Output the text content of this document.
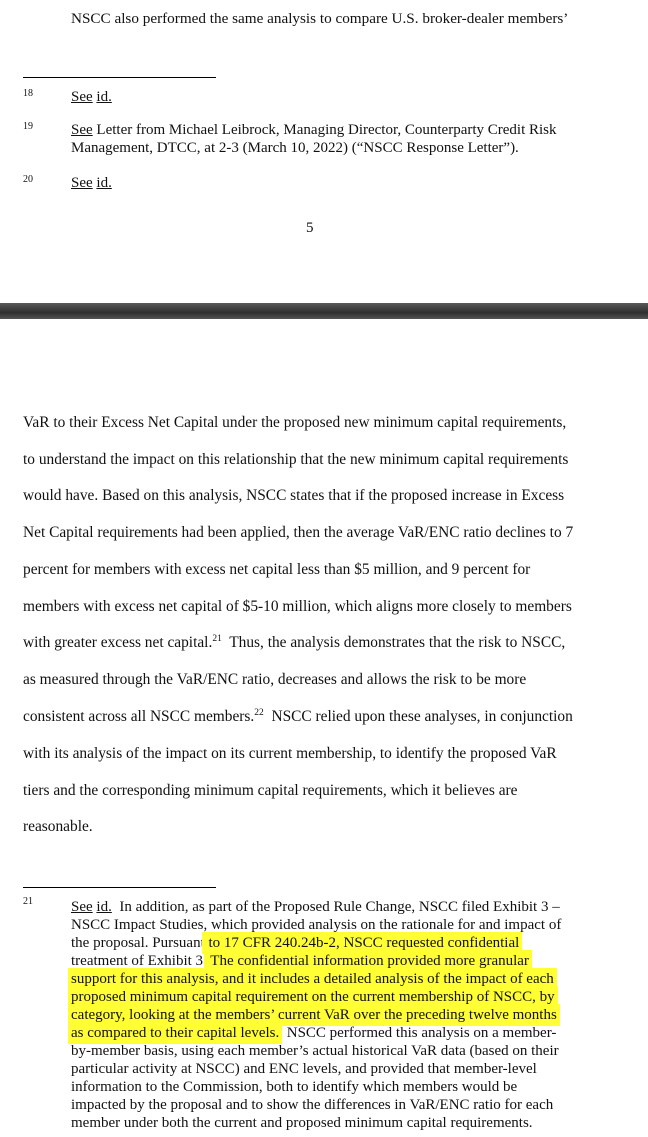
NSCC also performed the same analysis to compare U.S. broker-dealer members’
18	See id.
19	See Letter from Michael Leibrock, Managing Director, Counterparty Credit Risk
Management, DTCC, at 2-3 (March 10, 2022) (“NSCC Response Letter”).
20	See id.
5
VaR to their Excess Net Capital under the proposed new minimum capital requirements,
to understand the impact on this relationship that the new minimum capital requirements
would have. Based on this analysis, NSCC states that if the proposed increase in Excess
Net Capital requirements had been applied, then the average VaR/ENC ratio declines to 7
percent for members with excess net capital less than $5 million, and 9 percent for
members with excess net capital of $5-10 million, which aligns more closely to members
with greater excess net capital.$^{21}$  Thus, the analysis demonstrates that the risk to NSCC,
as measured through the VaR/ENC ratio, decreases and allows the risk to be more
consistent across all NSCC members.$^{22}$  NSCC relied upon these analyses, in conjunction
with its analysis of the impact on its current membership, to identify the proposed VaR
tiers and the corresponding minimum capital requirements, which it believes are
reasonable.
21	See id.  In addition, as part of the Proposed Rule Change, NSCC filed Exhibit 3 –
NSCC Impact Studies, which provided analysis on the rationale for and impact of
the proposal. Pursuant to 17 CFR 240.24b-2, NSCC requested confidential
treatment of Exhibit 3. The confidential information provided more granular
support for this analysis, and it includes a detailed analysis of the impact of each
proposed minimum capital requirement on the current membership of NSCC, by
category, looking at the members’ current VaR over the preceding twelve months
as compared to their capital levels.  NSCC performed this analysis on a member-
by-member basis, using each member’s actual historical VaR data (based on their
particular activity at NSCC) and ENC levels, and provided that member-level
information to the Commission, both to identify which members would be
impacted by the proposal and to show the differences in VaR/ENC ratio for each
member under both the current and proposed minimum capital requirements.
